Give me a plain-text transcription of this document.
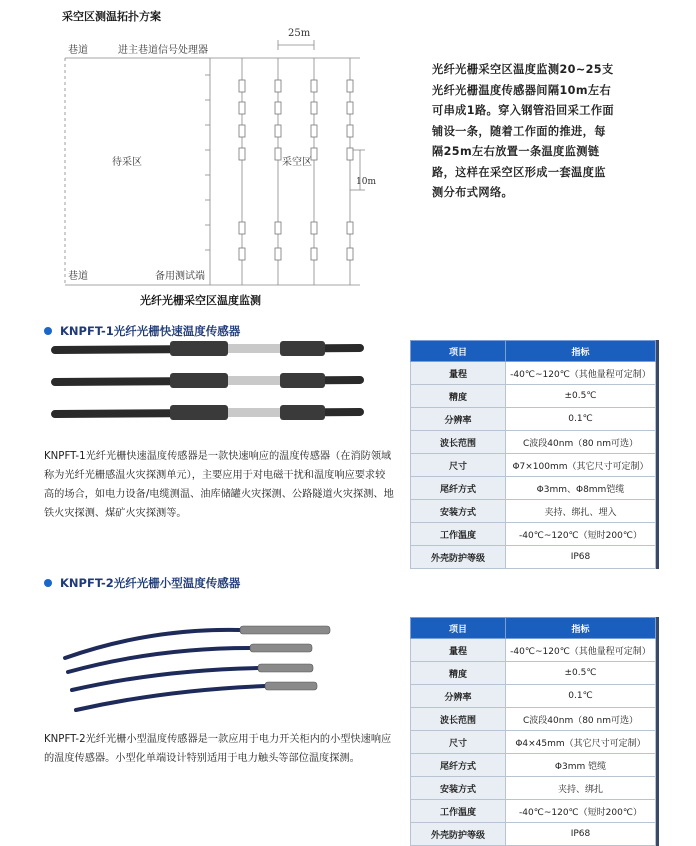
采空区测温拓扑方案
巷道	进主巷道信号处理器
待采区	采空区
巷道	备用测试端
25m
10m
光纤光栅采空区温度监测
光纤光栅采空区温度监测20~25支光纤光栅温度传感器间隔10m左右可串成1路。穿入钢管沿回采工作面铺设一条，随着工作面的推进，每隔25m左右放置一条温度监测链路，这样在采空区形成一套温度监测分布式网络。
KNPFT-1光纤光栅快速温度传感器
KNPFT-1光纤光栅快速温度传感器是一款快速响应的温度传感器（在消防领域称为光纤光栅感温火灾探测单元），主要应用于对电磁干扰和温度响应要求较高的场合，如电力设备/电缆测温、油库储罐火灾探测、公路隧道火灾探测、地铁火灾探测、煤矿火灾探测等。
项目	指标
量程	-40℃~120℃（其他量程可定制）
精度	±0.5℃
分辨率	0.1℃
波长范围	C波段40nm（80 nm可选）
尺寸	Φ7×100mm（其它尺寸可定制）
尾纤方式	Φ3mm、Φ8mm铠缆
安装方式	夹持、绑扎、埋入
工作温度	-40℃~120℃（短时200℃）
外壳防护等级	IP68
KNPFT-2光纤光栅小型温度传感器
KNPFT-2光纤光栅小型温度传感器是一款应用于电力开关柜内的小型快速响应的温度传感器。小型化单端设计特别适用于电力触头等部位温度探测。
项目	指标
量程	-40℃~120℃（其他量程可定制）
精度	±0.5℃
分辨率	0.1℃
波长范围	C波段40nm（80 nm可选）
尺寸	Φ4×45mm（其它尺寸可定制）
尾纤方式	Φ3mm 铠缆
安装方式	夹持、绑扎
工作温度	-40℃~120℃（短时200℃）
外壳防护等级	IP68
